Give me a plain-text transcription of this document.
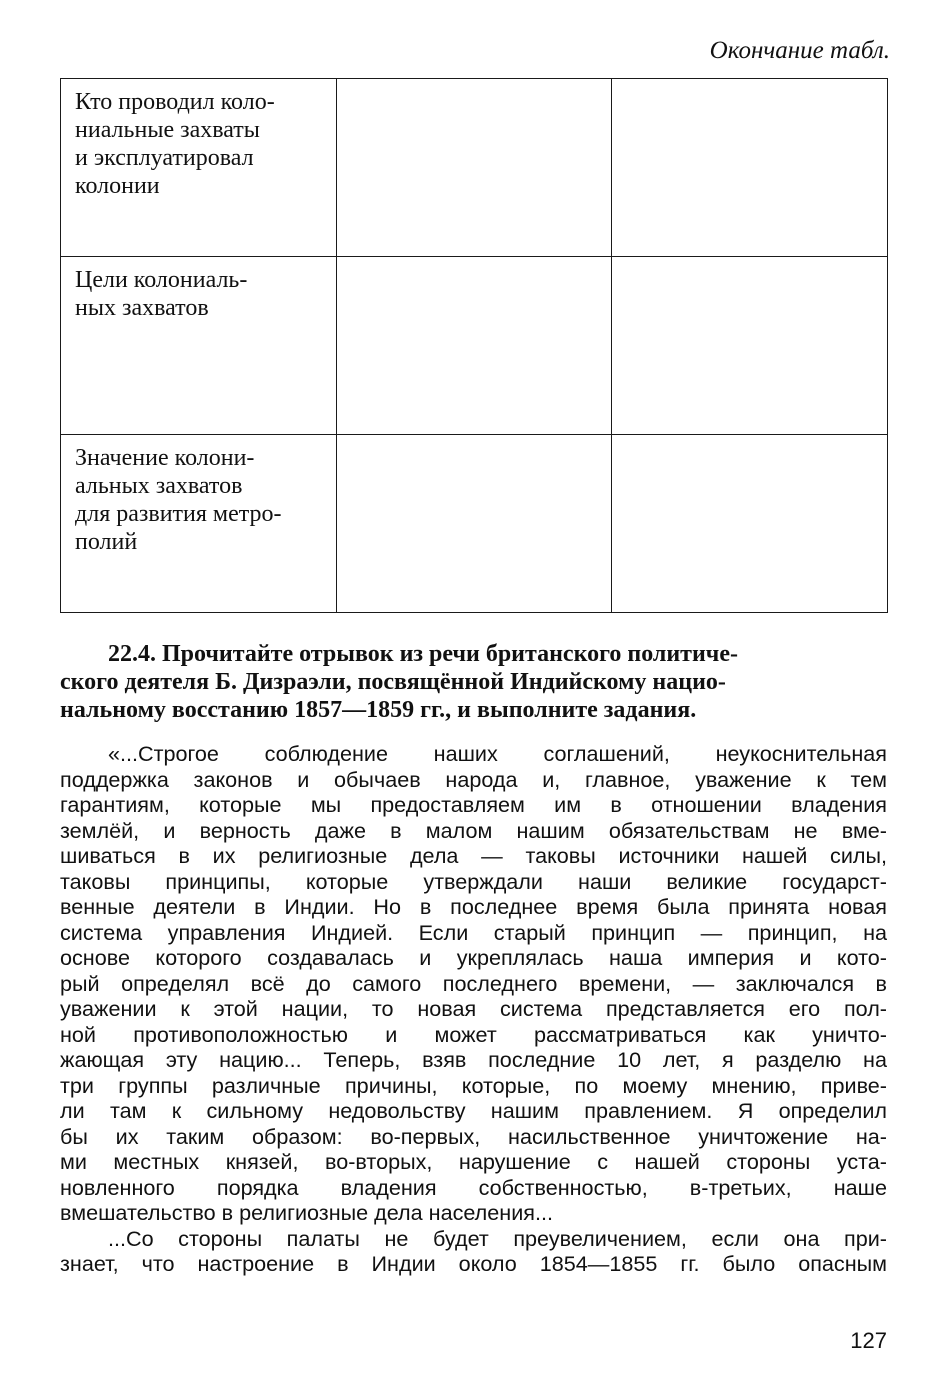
Окончание табл.
Кто проводил коло-
ниальные захваты
и эксплуатировал
колонии		

Цели колониаль-
ных захватов		

Значение колони-
альных захватов
для развития метро-
полий		

22.4. Прочитайте отрывок из речи британского политиче-
ского деятеля Б. Дизраэли, посвящённой Индийскому нацио-
нальному восстанию 1857—1859 гг., и выполните задания.
«...Строгое соблюдение наших соглашений, неукоснительная
поддержка законов и обычаев народа и, главное, уважение к тем
гарантиям, которые мы предоставляем им в отношении владения
землёй, и верность даже в малом нашим обязательствам не вме-
шиваться в их религиозные дела — таковы источники нашей силы,
таковы принципы, которые утверждали наши великие государст-
венные деятели в Индии. Но в последнее время была принята новая
система управления Индией. Если старый принцип — принцип, на
основе которого создавалась и укреплялась наша империя и кото-
рый определял всё до самого последнего времени, — заключался в
уважении к этой нации, то новая система представляется его пол-
ной противоположностью и может рассматриваться как уничто-
жающая эту нацию... Теперь, взяв последние 10 лет, я разделю на
три группы различные причины, которые, по моему мнению, приве-
ли там к сильному недовольству нашим правлением. Я определил
бы их таким образом: во-первых, насильственное уничтожение на-
ми местных князей, во-вторых, нарушение с нашей стороны уста-
новленного порядка владения собственностью, в-третьих, наше
вмешательство в религиозные дела населения...
...Со стороны палаты не будет преувеличением, если она при-
знает, что настроение в Индии около 1854—1855 гг. было опасным
127
